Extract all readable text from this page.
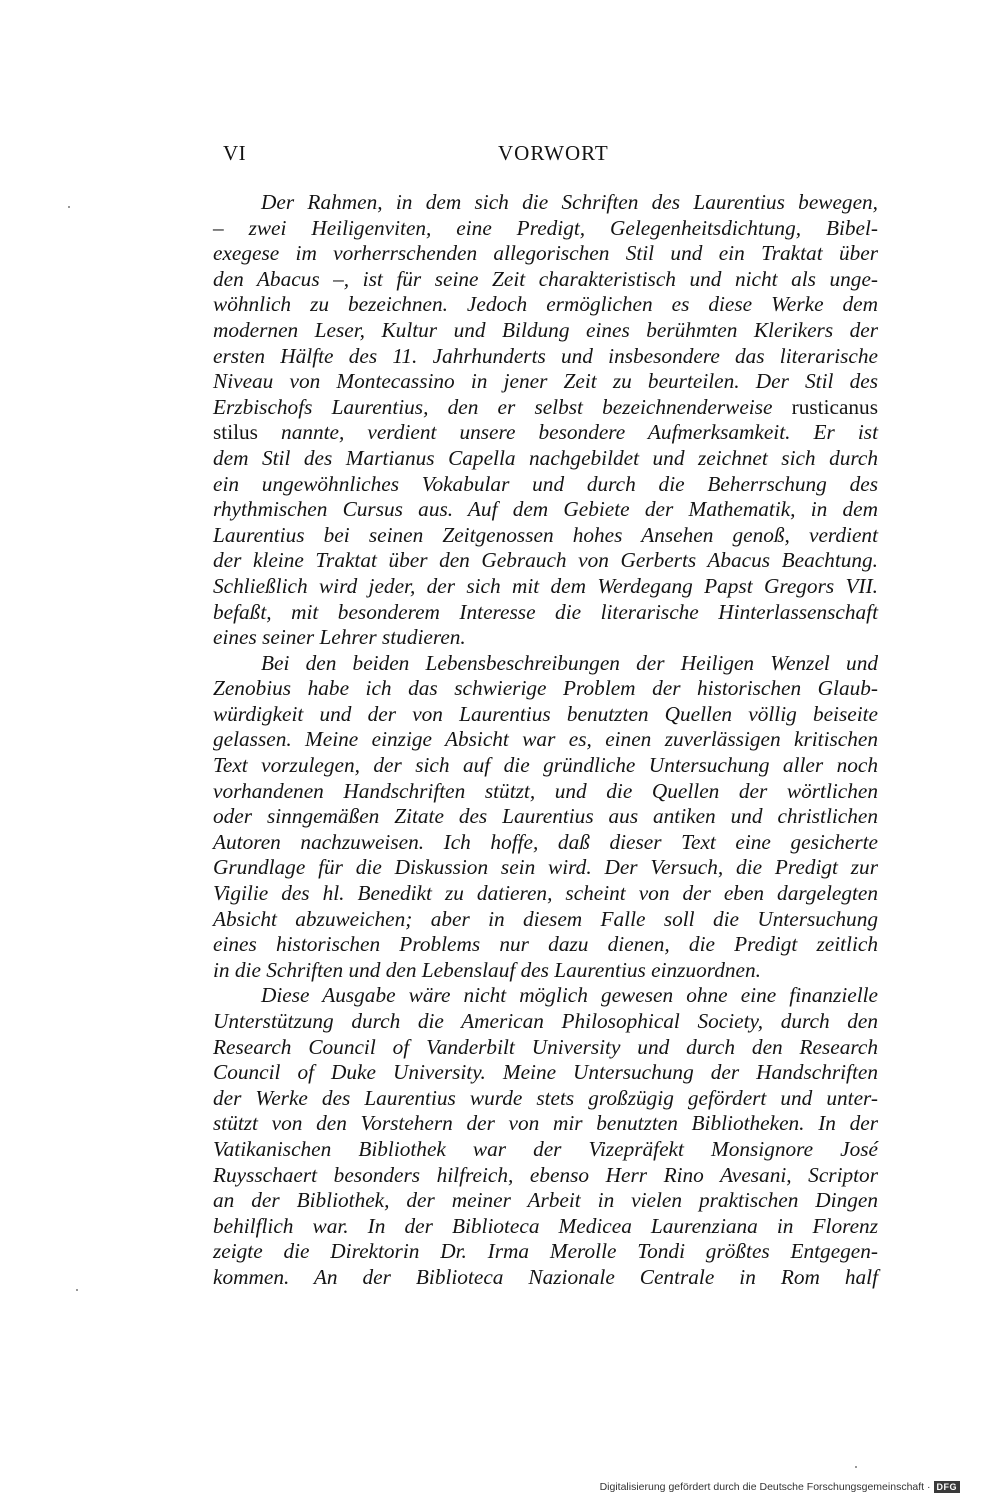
VI	VORWORT
Der Rahmen, in dem sich die Schriften des Laurentius bewegen,
– zwei Heiligenviten, eine Predigt, Gelegenheitsdichtung, Bibel-
exegese im vorherrschenden allegorischen Stil und ein Traktat über
den Abacus –, ist für seine Zeit charakteristisch und nicht als unge-
wöhnlich zu bezeichnen. Jedoch ermöglichen es diese Werke dem
modernen Leser, Kultur und Bildung eines berühmten Klerikers der
ersten Hälfte des 11. Jahrhunderts und insbesondere das literarische
Niveau von Montecassino in jener Zeit zu beurteilen. Der Stil des
Erzbischofs Laurentius, den er selbst bezeichnenderweise rusticanus
stilus nannte, verdient unsere besondere Aufmerksamkeit. Er ist
dem Stil des Martianus Capella nachgebildet und zeichnet sich durch
ein ungewöhnliches Vokabular und durch die Beherrschung des
rhythmischen Cursus aus. Auf dem Gebiete der Mathematik, in dem
Laurentius bei seinen Zeitgenossen hohes Ansehen genoß, verdient
der kleine Traktat über den Gebrauch von Gerberts Abacus Beachtung.
Schließlich wird jeder, der sich mit dem Werdegang Papst Gregors VII.
befaßt, mit besonderem Interesse die literarische Hinterlassenschaft
eines seiner Lehrer studieren.
Bei den beiden Lebensbeschreibungen der Heiligen Wenzel und
Zenobius habe ich das schwierige Problem der historischen Glaub-
würdigkeit und der von Laurentius benutzten Quellen völlig beiseite
gelassen. Meine einzige Absicht war es, einen zuverlässigen kritischen
Text vorzulegen, der sich auf die gründliche Untersuchung aller noch
vorhandenen Handschriften stützt, und die Quellen der wörtlichen
oder sinngemäßen Zitate des Laurentius aus antiken und christlichen
Autoren nachzuweisen. Ich hoffe, daß dieser Text eine gesicherte
Grundlage für die Diskussion sein wird. Der Versuch, die Predigt zur
Vigilie des hl. Benedikt zu datieren, scheint von der eben dargelegten
Absicht abzuweichen; aber in diesem Falle soll die Untersuchung
eines historischen Problems nur dazu dienen, die Predigt zeitlich
in die Schriften und den Lebenslauf des Laurentius einzuordnen.
Diese Ausgabe wäre nicht möglich gewesen ohne eine finanzielle
Unterstützung durch die American Philosophical Society, durch den
Research Council of Vanderbilt University und durch den Research
Council of Duke University. Meine Untersuchung der Handschriften
der Werke des Laurentius wurde stets großzügig gefördert und unter-
stützt von den Vorstehern der von mir benutzten Bibliotheken. In der
Vatikanischen Bibliothek war der Vizepräfekt Monsignore José
Ruysschaert besonders hilfreich, ebenso Herr Rino Avesani, Scriptor
an der Bibliothek, der meiner Arbeit in vielen praktischen Dingen
behilflich war. In der Biblioteca Medicea Laurenziana in Florenz
zeigte die Direktorin Dr. Irma Merolle Tondi größtes Entgegen-
kommen. An der Biblioteca Nazionale Centrale in Rom half
Digitalisierung gefördert durch die Deutsche Forschungsgemeinschaft · DFG
